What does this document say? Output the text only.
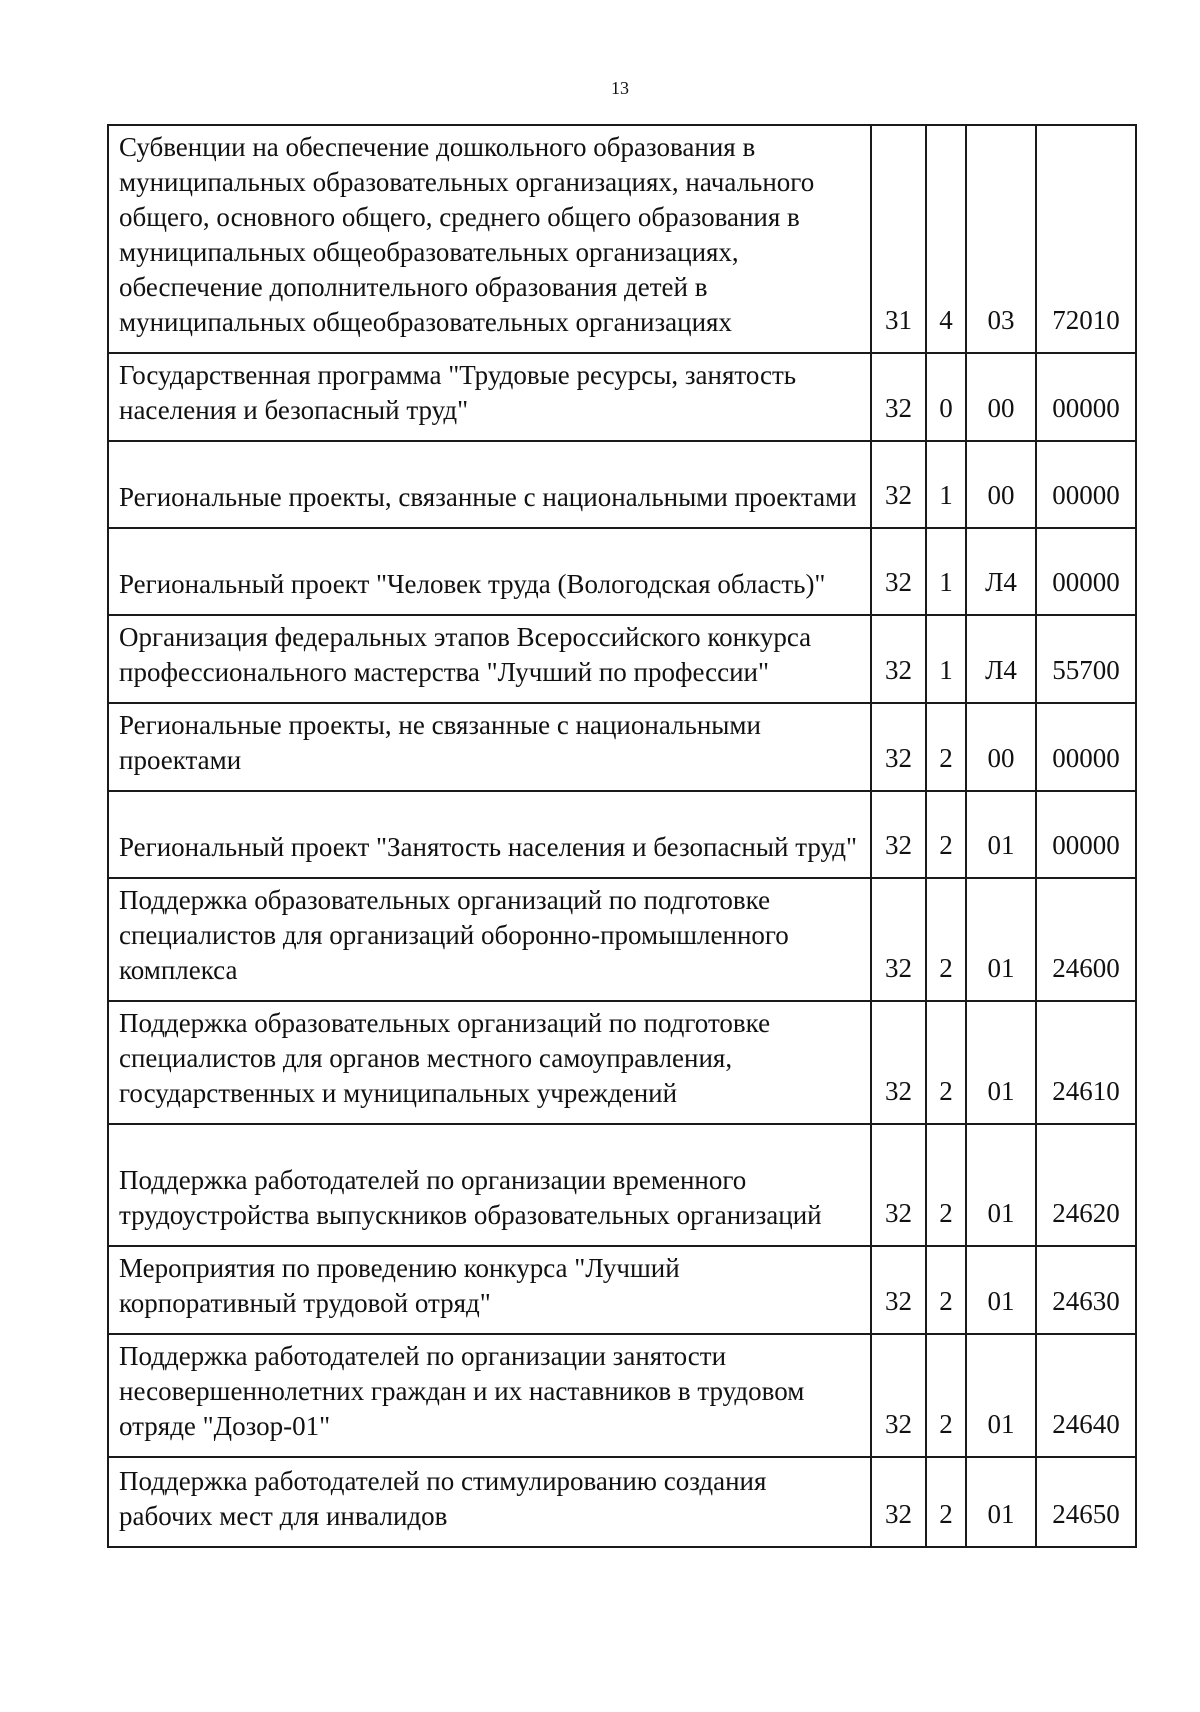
13
Субвенции на обеспечение дошкольного образования в муниципальных образовательных организациях, начального общего, основного общего, среднего общего образования в муниципальных общеобразовательных организациях, обеспечение дополнительного образования детей в муниципальных общеобразовательных организациях	31	4	03	72010
Государственная программа "Трудовые ресурсы, занятость населения и безопасный труд"	32	0	00	00000
Региональные проекты, связанные с национальными проектами	32	1	00	00000
Региональный проект "Человек труда (Вологодская область)"	32	1	Л4	00000
Организация федеральных этапов Всероссийского конкурса профессионального мастерства "Лучший по профессии"	32	1	Л4	55700
Региональные проекты, не связанные с национальными проектами	32	2	00	00000
Региональный проект "Занятость населения и безопасный труд"	32	2	01	00000
Поддержка образовательных организаций по подготовке специалистов для организаций оборонно-промышленного комплекса	32	2	01	24600
Поддержка образовательных организаций по подготовке специалистов для органов местного самоуправления, государственных и муниципальных учреждений	32	2	01	24610
Поддержка работодателей по организации временного трудоустройства выпускников образовательных организаций	32	2	01	24620
Мероприятия по проведению конкурса "Лучший корпоративный трудовой отряд"	32	2	01	24630
Поддержка работодателей по организации занятости несовершеннолетних граждан и их наставников в трудовом отряде "Дозор-01"	32	2	01	24640
Поддержка работодателей по стимулированию создания рабочих мест для инвалидов	32	2	01	24650
